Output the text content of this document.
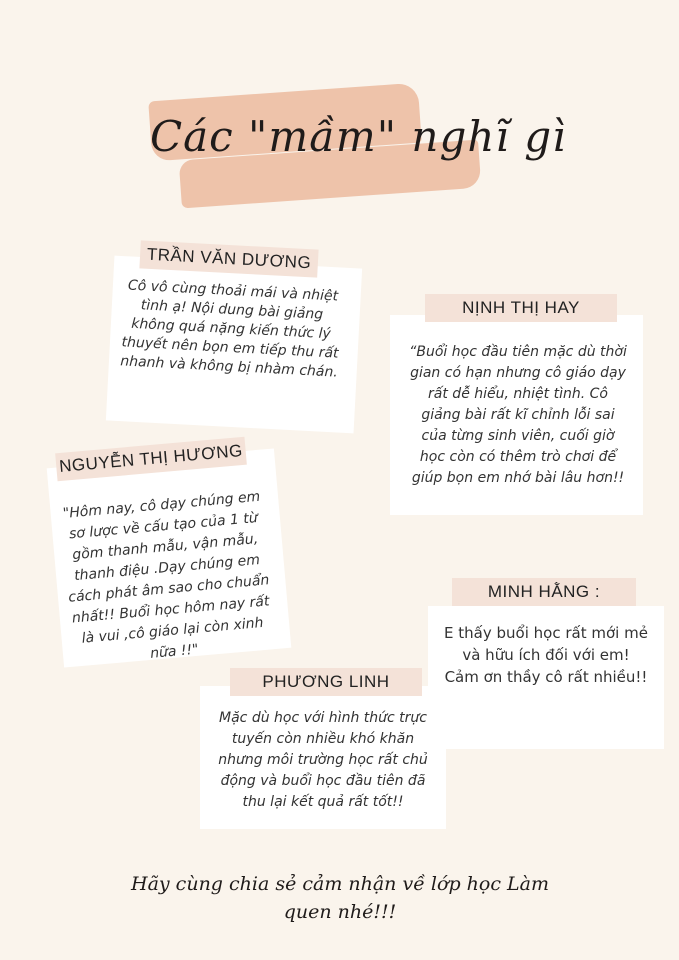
Các "mầm" nghĩ gì
Cô vô cùng thoải mái và nhiệt tình ạ! Nội dung bài giảng không quá nặng kiến thức lý thuyết nên bọn em tiếp thu rất nhanh và không bị nhàm chán.
TRẦN VĂN DƯƠNG
“Buổi học đầu tiên mặc dù thời gian có hạn nhưng cô giáo dạy rất dễ hiểu, nhiệt tình. Cô giảng bài rất kĩ chỉnh lỗi sai của từng sinh viên, cuối giờ học còn có thêm trò chơi để giúp bọn em nhớ bài lâu hơn!!
NỊNH THỊ HAY
"Hôm nay, cô dạy chúng em sơ lược về cấu tạo của 1 từ gồm thanh mẫu, vận mẫu, thanh điệu .Dạy chúng em cách phát âm sao cho chuẩn nhất!! Buổi học hôm nay rất là vui ,cô giáo lại còn xinh nữa !!"
NGUYỄN THỊ HƯƠNG
E thấy buổi học rất mới mẻ và hữu ích đối với em!
Cảm ơn thầy cô rất nhiều!!
MINH HẰNG :
Mặc dù học với hình thức trực tuyến còn nhiều khó khăn nhưng môi trường học rất chủ động và buổi học đầu tiên đã thu lại kết quả rất tốt!!
PHƯƠNG LINH
Hãy cùng chia sẻ cảm nhận về lớp học Làm quen nhé!!!
